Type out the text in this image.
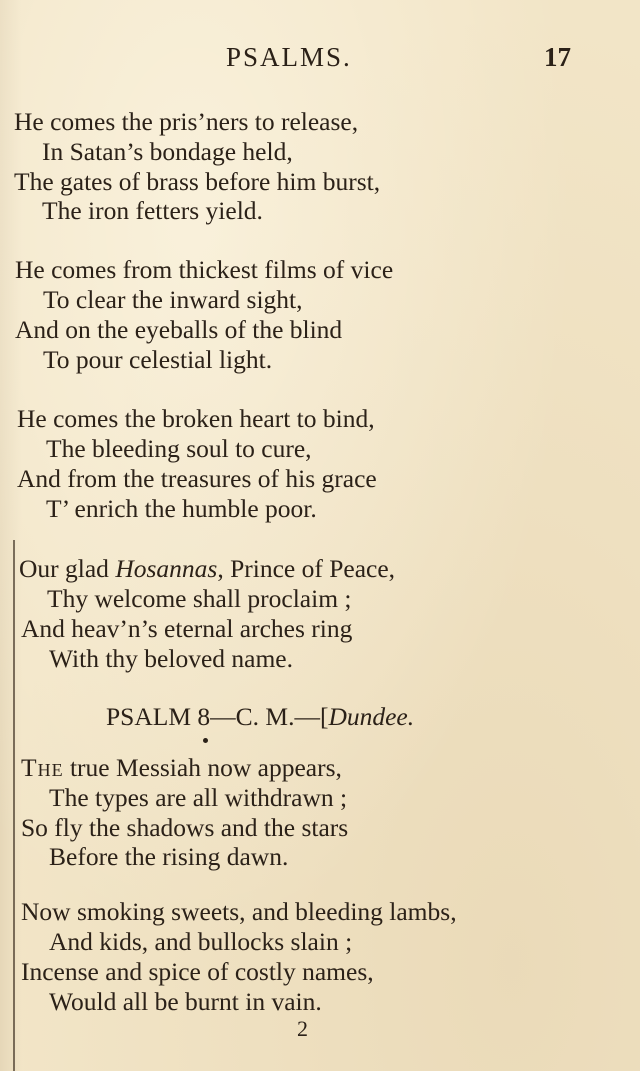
PSALMS.	17
He comes the pris’ners to release,
In Satan’s bondage held,
The gates of brass before him burst,
The iron fetters yield.
He comes from thickest films of vice
To clear the inward sight,
And on the eyeballs of the blind
To pour celestial light.
He comes the broken heart to bind,
The bleeding soul to cure,
And from the treasures of his grace
T’ enrich the humble poor.
Our glad Hosannas, Prince of Peace,
Thy welcome shall proclaim ;
And heav’n’s eternal arches ring
With thy beloved name.
PSALM 8—C. M.—[Dundee.
The true Messiah now appears,
The types are all withdrawn ;
So fly the shadows and the stars
Before the rising dawn.
Now smoking sweets, and bleeding lambs,
And kids, and bullocks slain ;
Incense and spice of costly names,
Would all be burnt in vain.
2
